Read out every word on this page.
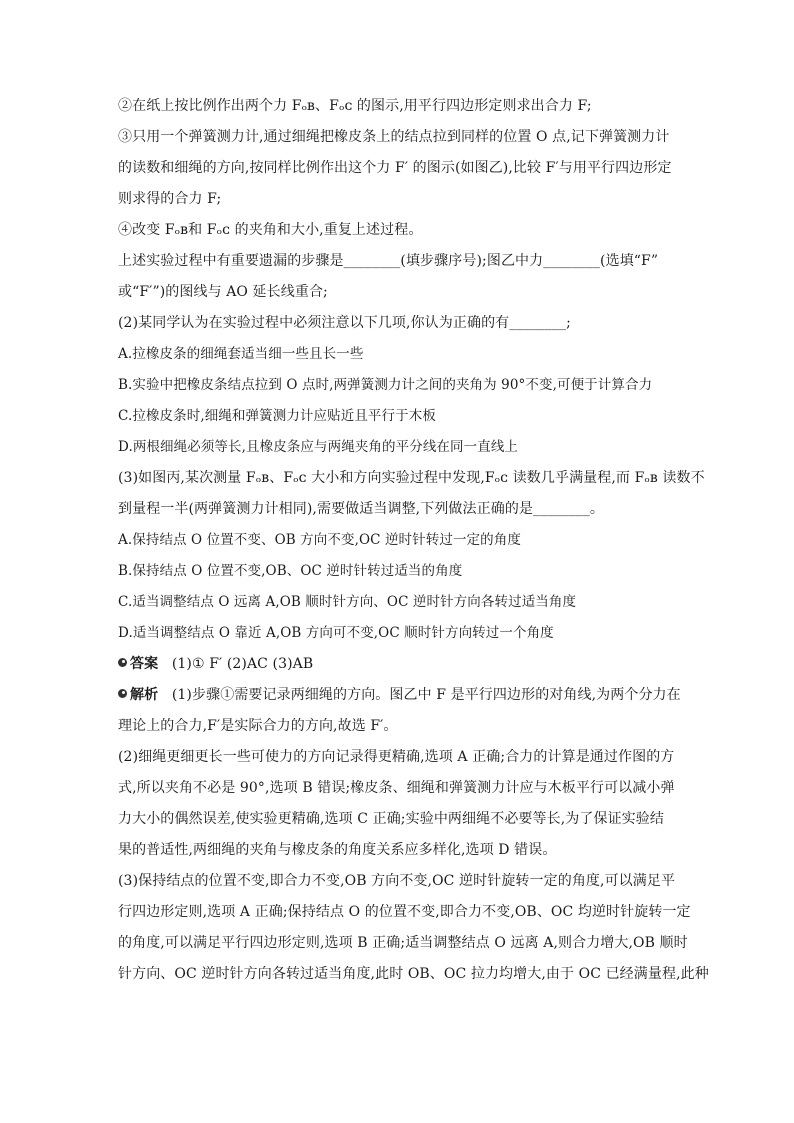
②在纸上按比例作出两个力 Fₒʙ、Fₒᴄ 的图示,用平行四边形定则求出合力 F;
③只用一个弹簧测力计,通过细绳把橡皮条上的结点拉到同样的位置 O 点,记下弹簧测力计
的读数和细绳的方向,按同样比例作出这个力 F′ 的图示(如图乙),比较 F′与用平行四边形定
则求得的合力 F;
④改变 Fₒʙ和 Fₒᴄ 的夹角和大小,重复上述过程。
上述实验过程中有重要遗漏的步骤是________(填步骤序号);图乙中力________(选填“F”
或“F′”)的图线与 AO 延长线重合;
(2)某同学认为在实验过程中必须注意以下几项,你认为正确的有________;
A.拉橡皮条的细绳套适当细一些且长一些
B.实验中把橡皮条结点拉到 O 点时,两弹簧测力计之间的夹角为 90°不变,可便于计算合力
C.拉橡皮条时,细绳和弹簧测力计应贴近且平行于木板
D.两根细绳必须等长,且橡皮条应与两绳夹角的平分线在同一直线上
(3)如图丙,某次测量 Fₒʙ、Fₒᴄ 大小和方向实验过程中发现,Fₒᴄ 读数几乎满量程,而 Fₒʙ 读数不
到量程一半(两弹簧测力计相同),需要做适当调整,下列做法正确的是________。
A.保持结点 O 位置不变、OB 方向不变,OC 逆时针转过一定的角度
B.保持结点 O 位置不变,OB、OC 逆时针转过适当的角度
C.适当调整结点 O 远离 A,OB 顺时针方向、OC 逆时针方向各转过适当角度
D.适当调整结点 O 靠近 A,OB 方向可不变,OC 顺时针方向转过一个角度
答案 (1)① F′ (2)AC (3)AB
解析 (1)步骤①需要记录两细绳的方向。图乙中 F 是平行四边形的对角线,为两个分力在
理论上的合力,F′是实际合力的方向,故选 F′。
(2)细绳更细更长一些可使力的方向记录得更精确,选项 A 正确;合力的计算是通过作图的方
式,所以夹角不必是 90°,选项 B 错误;橡皮条、细绳和弹簧测力计应与木板平行可以减小弹
力大小的偶然误差,使实验更精确,选项 C 正确;实验中两细绳不必要等长,为了保证实验结
果的普适性,两细绳的夹角与橡皮条的角度关系应多样化,选项 D 错误。
(3)保持结点的位置不变,即合力不变,OB 方向不变,OC 逆时针旋转一定的角度,可以满足平
行四边形定则,选项 A 正确;保持结点 O 的位置不变,即合力不变,OB、OC 均逆时针旋转一定
的角度,可以满足平行四边形定则,选项 B 正确;适当调整结点 O 远离 A,则合力增大,OB 顺时
针方向、OC 逆时针方向各转过适当角度,此时 OB、OC 拉力均增大,由于 OC 已经满量程,此种
